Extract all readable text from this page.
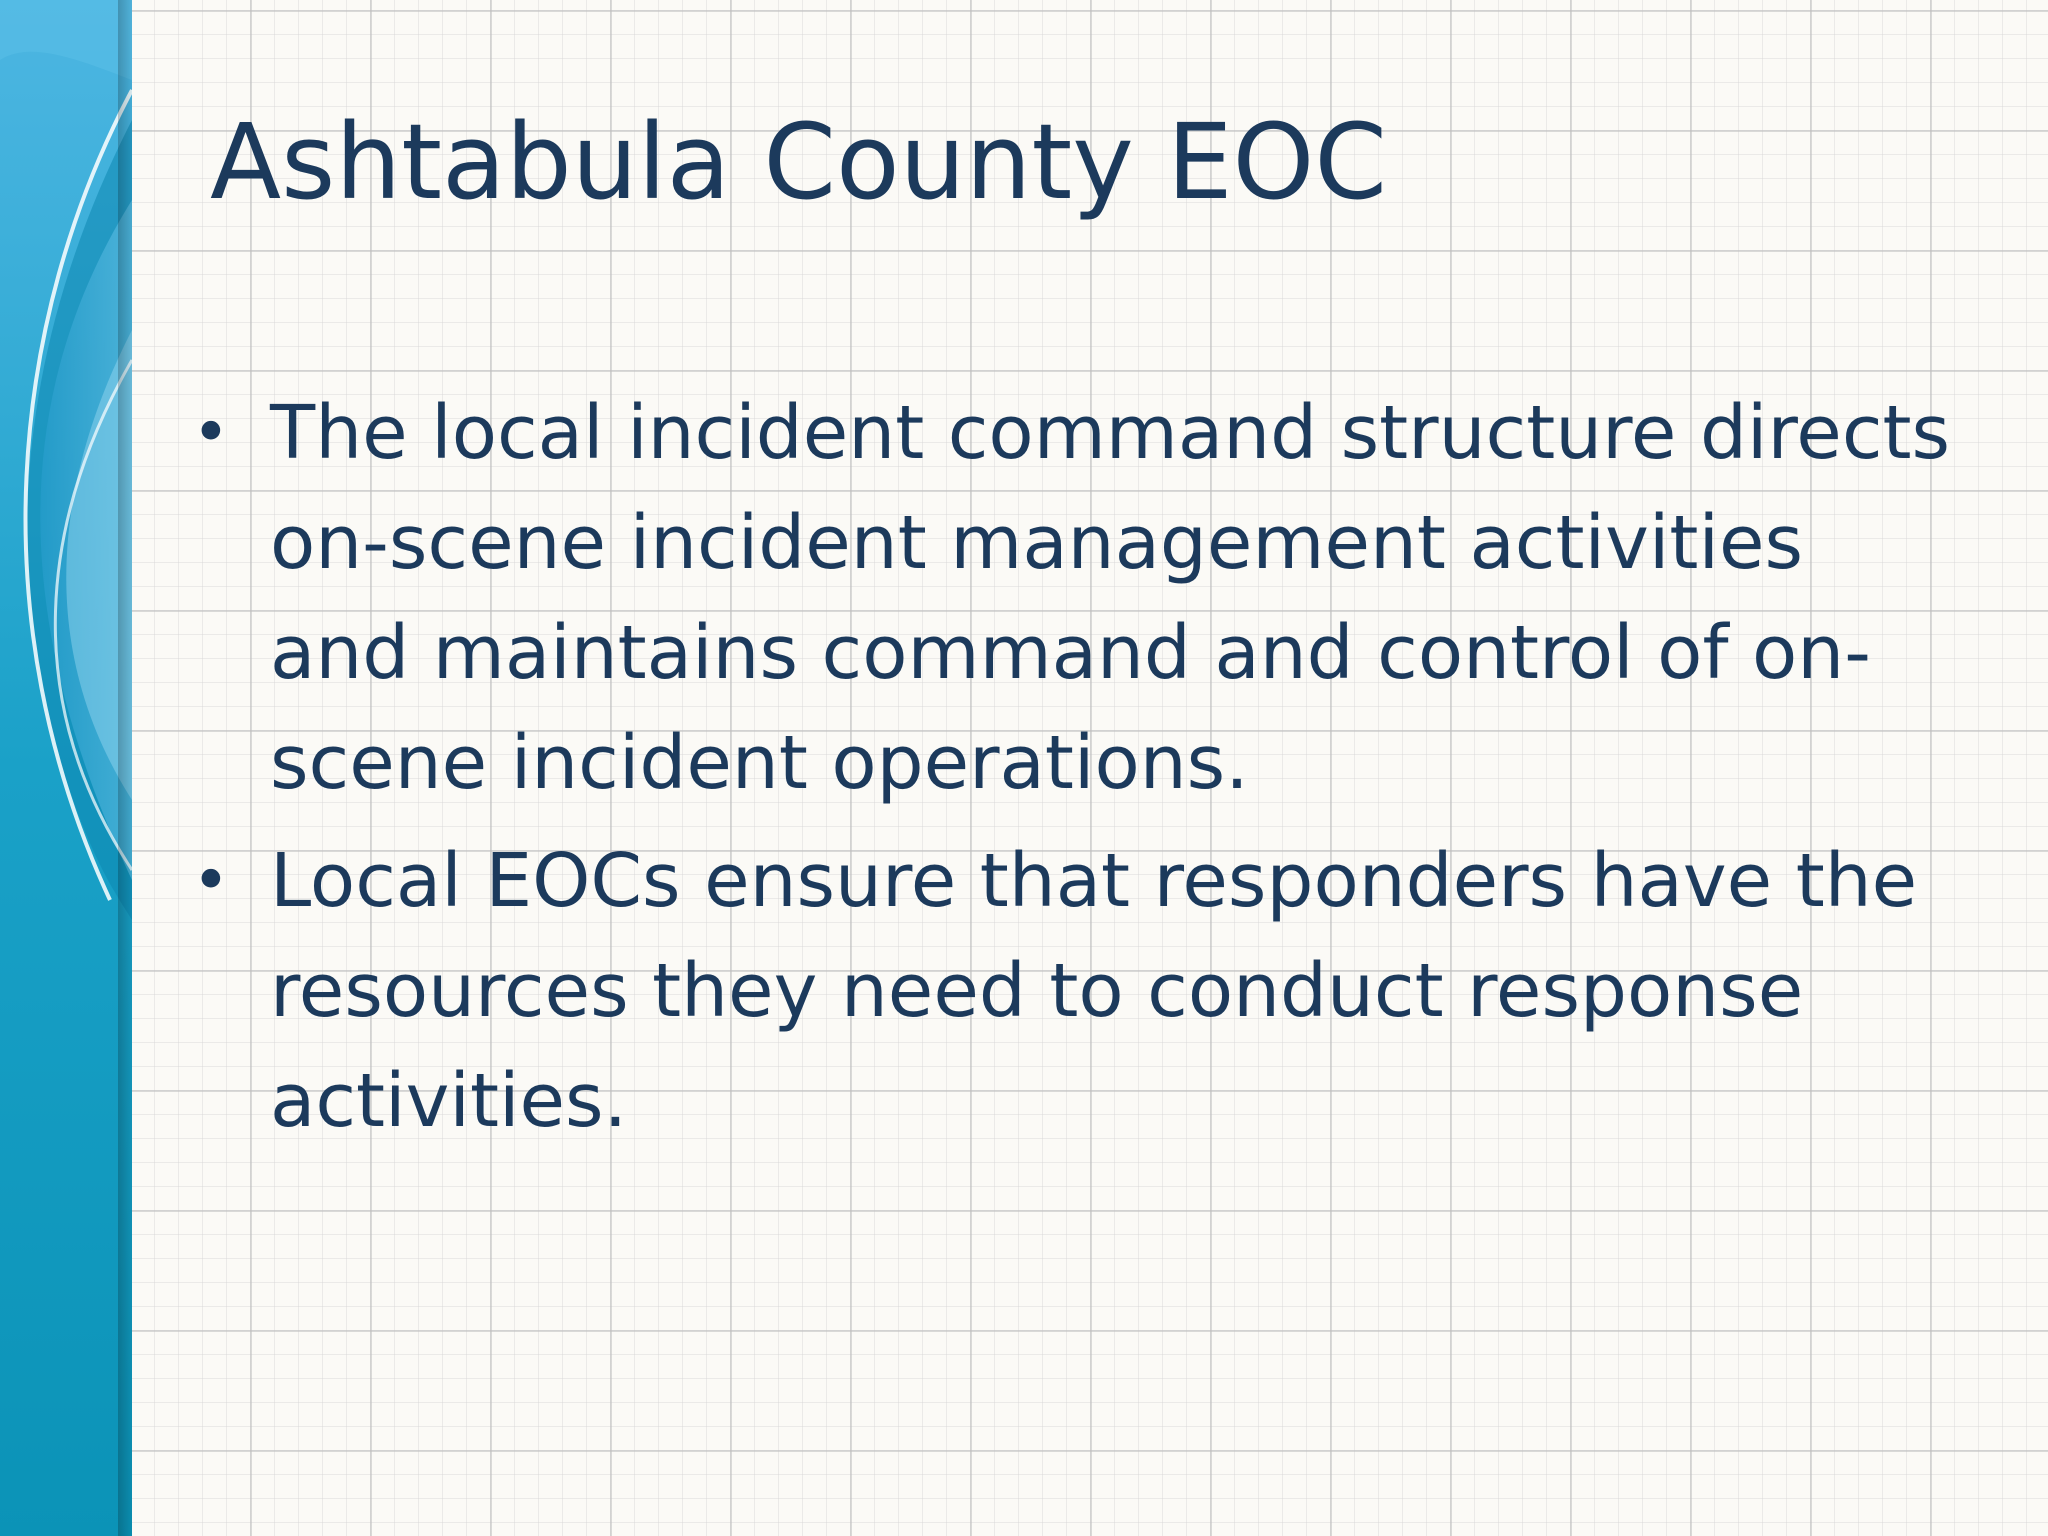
Ashtabula County EOC
• The local incident command structure directs on-scene incident management activities and maintains command and control of on-scene incident operations.
• Local EOCs ensure that responders have the resources they need to conduct response activities.
